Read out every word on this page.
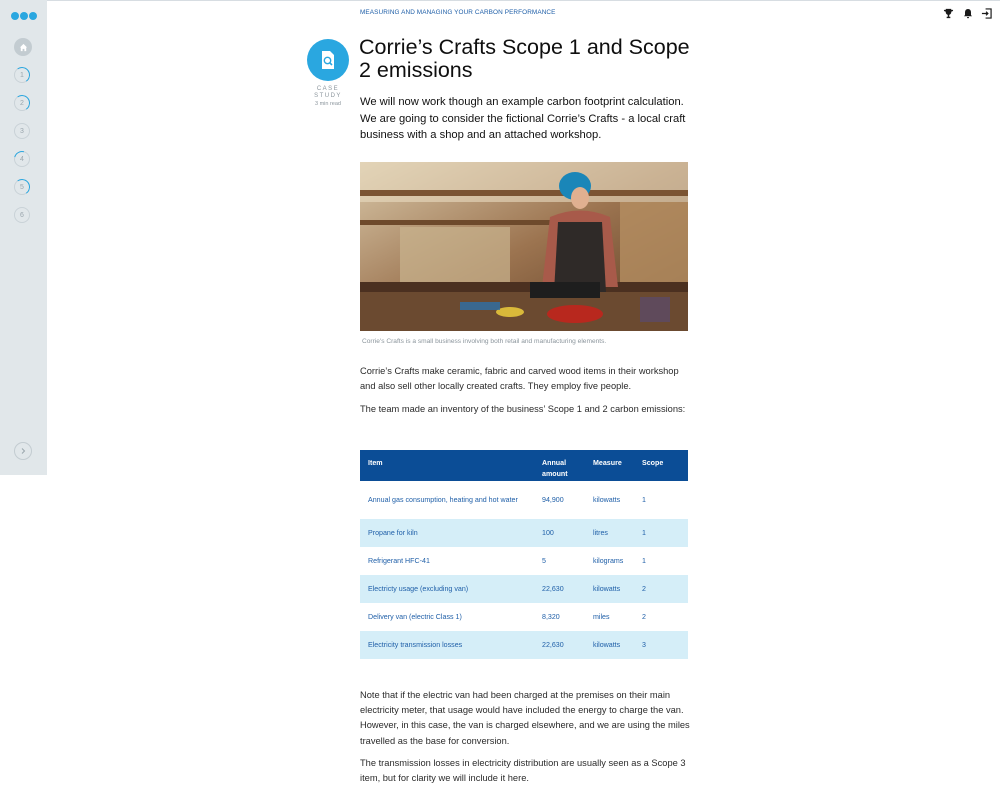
1
2
3
4
5
6
MEASURING AND MANAGING YOUR CARBON PERFORMANCE
CASE
STUDY
3 min read
Corrie’s Crafts Scope 1 and Scope 2 emissions

We will now work though an example carbon footprint calculation. We are going to consider the fictional Corrie’s Crafts - a local craft business with a shop and an attached workshop.

Corrie's Crafts is a small business involving both retail and manufacturing elements.

Corrie’s Crafts make ceramic, fabric and carved wood items in their workshop and also sell other locally created crafts. They employ five people.

The team made an inventory of the business’ Scope 1 and 2 carbon emissions:

Item	Annual amount	Measure	Scope
Annual gas consumption, heating and hot water	94,900	kilowatts	1
Propane for kiln	100	litres	1
Refrigerant HFC-41	5	kilograms	1
Electricty usage (excluding van)	22,630	kilowatts	2
Delivery van (electric Class 1)	8,320	miles	2
Electricity transmission losses	22,630	kilowatts	3

Note that if the electric van had been charged at the premises on their main electricity meter, that usage would have included the energy to charge the van. However, in this case, the van is charged elsewhere, and we are using the miles travelled as the base for conversion.

The transmission losses in electricity distribution are usually seen as a Scope 3 item, but for clarity we will include it here.
